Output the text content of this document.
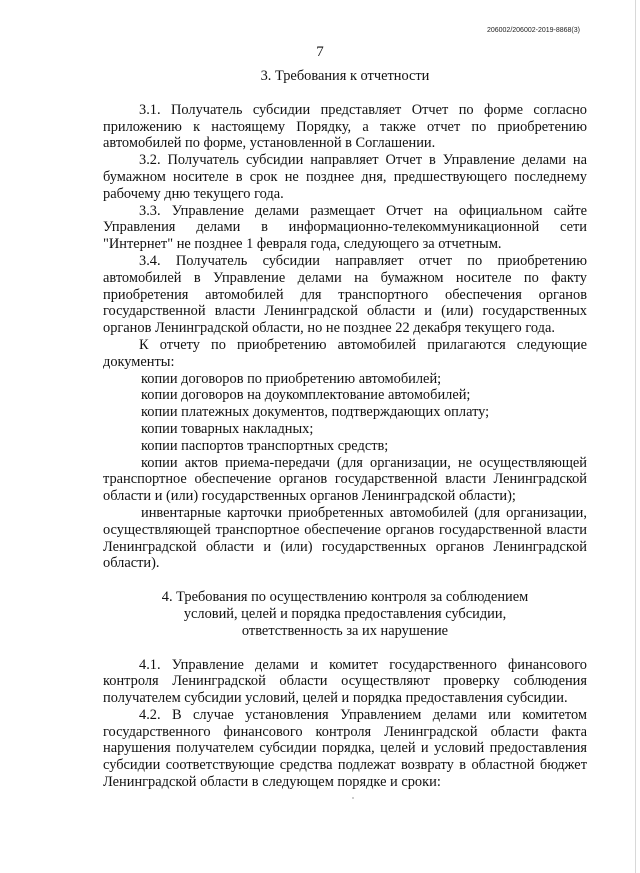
206002/206002-2019-8868(3)
7
3. Требования к отчетности

3.1. Получатель субсидии представляет Отчет по форме согласно приложению к настоящему Порядку, а также отчет по приобретению автомобилей по форме, установленной в Соглашении.

3.2. Получатель субсидии направляет Отчет в Управление делами на бумажном носителе в срок не позднее дня, предшествующего последнему рабочему дню текущего года.

3.3. Управление делами размещает Отчет на официальном сайте Управления делами в информационно-телекоммуникационной сети "Интернет" не позднее 1 февраля года, следующего за отчетным.

3.4. Получатель субсидии направляет отчет по приобретению автомобилей в Управление делами на бумажном носителе по факту приобретения автомобилей для транспортного обеспечения органов государственной власти Ленинградской области и (или) государственных органов Ленинградской области, но не позднее 22 декабря текущего года.

К отчету по приобретению автомобилей прилагаются следующие документы:

копии договоров по приобретению автомобилей;

копии договоров на доукомплектование автомобилей;

копии платежных документов, подтверждающих оплату;

копии товарных накладных;

копии паспортов транспортных средств;

копии актов приема-передачи (для организации, не осуществляющей транспортное обеспечение органов государственной власти Ленинградской области и (или) государственных органов Ленинградской области);

инвентарные карточки приобретенных автомобилей (для организации, осуществляющей транспортное обеспечение органов государственной власти Ленинградской области и (или) государственных органов Ленинградской области).

4. Требования по осуществлению контроля за соблюдением
условий, целей и порядка предоставления субсидии,
ответственность за их нарушение

4.1. Управление делами и комитет государственного финансового контроля Ленинградской области осуществляют проверку соблюдения получателем субсидии условий, целей и порядка предоставления субсидии.

4.2. В случае установления Управлением делами или комитетом государственного финансового контроля Ленинградской области факта нарушения получателем субсидии порядка, целей и условий предоставления субсидии соответствующие средства подлежат возврату в областной бюджет Ленинградской области в следующем порядке и сроки:
